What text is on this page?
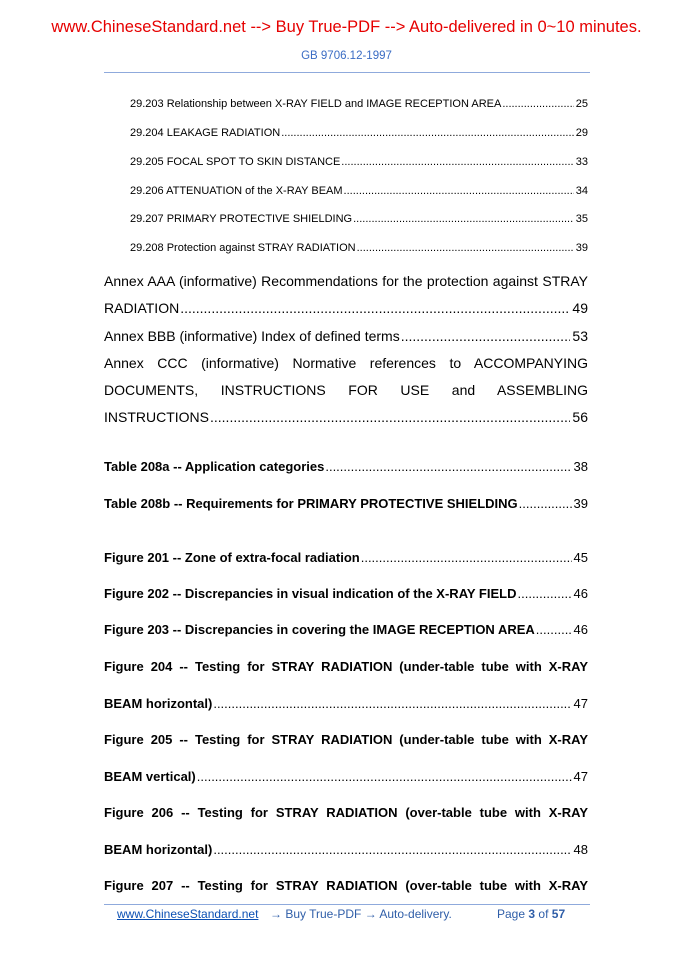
www.ChineseStandard.net --> Buy True-PDF --> Auto-delivered in 0~10 minutes.
GB 9706.12-1997
29.203 Relationship between X-RAY FIELD and IMAGE RECEPTION AREA .....	25
29.204 LEAKAGE RADIATION .....	29
29.205 FOCAL SPOT TO SKIN DISTANCE .....	33
29.206 ATTENUATION of the X-RAY BEAM .....	34
29.207 PRIMARY PROTECTIVE SHIELDING .....	35
29.208 Protection against STRAY RADIATION .....	39
Annex AAA (informative) Recommendations for the protection against STRAY
RADIATION .....	49
Annex BBB (informative) Index of defined terms .....	53
Annex CCC (informative) Normative references to ACCOMPANYING
DOCUMENTS, INSTRUCTIONS FOR USE and ASSEMBLING
INSTRUCTIONS .....	56
Table 208a -- Application categories .....	38
Table 208b -- Requirements for PRIMARY PROTECTIVE SHIELDING .....	39
Figure 201 -- Zone of extra-focal radiation .....	45
Figure 202 -- Discrepancies in visual indication of the X-RAY FIELD .....	46
Figure 203 -- Discrepancies in covering the IMAGE RECEPTION AREA .....	46
Figure 204 -- Testing for STRAY RADIATION (under-table tube with X-RAY
BEAM horizontal) .....	47
Figure 205 -- Testing for STRAY RADIATION (under-table tube with X-RAY
BEAM vertical) .....	47
Figure 206 -- Testing for STRAY RADIATION (over-table tube with X-RAY
BEAM horizontal) .....	48
Figure 207 -- Testing for STRAY RADIATION (over-table tube with X-RAY
www.ChineseStandard.net → Buy True-PDF → Auto-delivery.	Page 3 of 57
